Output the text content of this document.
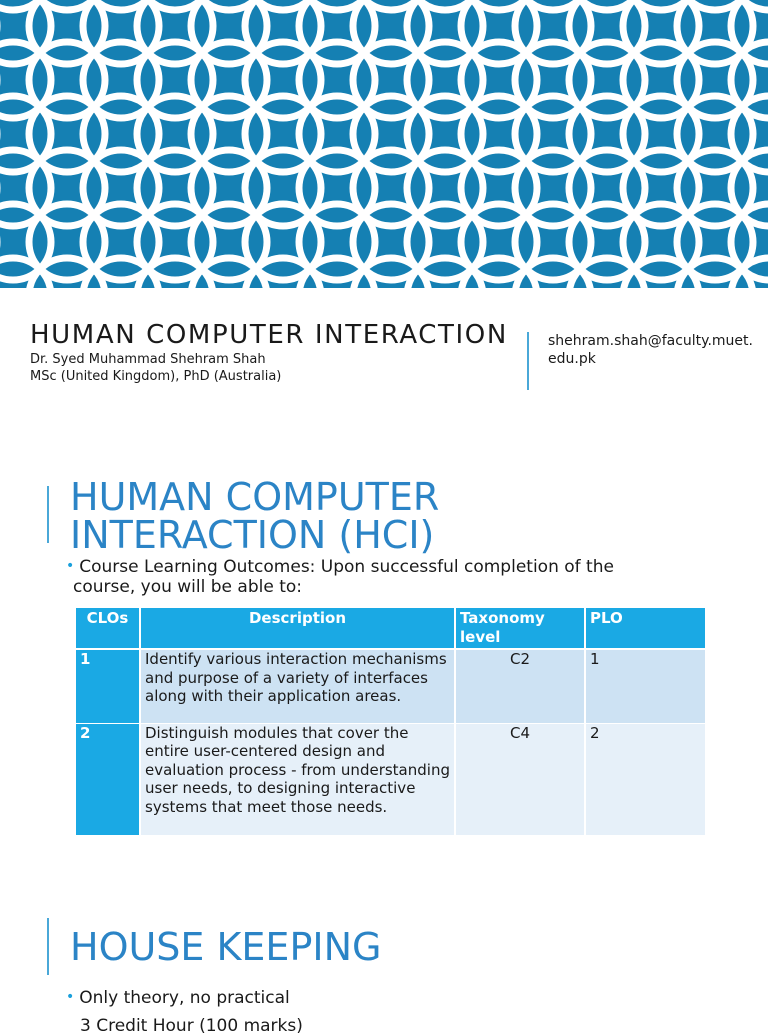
HUMAN COMPUTER INTERACTION

Dr. Syed Muhammad Shehram Shah

MSc (United Kingdom), PhD (Australia)

shehram.shah@faculty.muet.edu.pk
HUMAN COMPUTER
INTERACTION (HCI)
• Course Learning Outcomes: Upon successful completion of the
course, you will be able to:
CLOs	Description	Taxonomy level	PLO
1	Identify various interaction mechanisms and purpose of a variety of interfaces along with their application areas.	C2	1
2	Distinguish modules that cover the entire user-centered design and evaluation process - from understanding user needs, to designing interactive systems that meet those needs.	C4	2
HOUSE KEEPING
• Only theory, no practical
3 Credit Hour (100 marks)
